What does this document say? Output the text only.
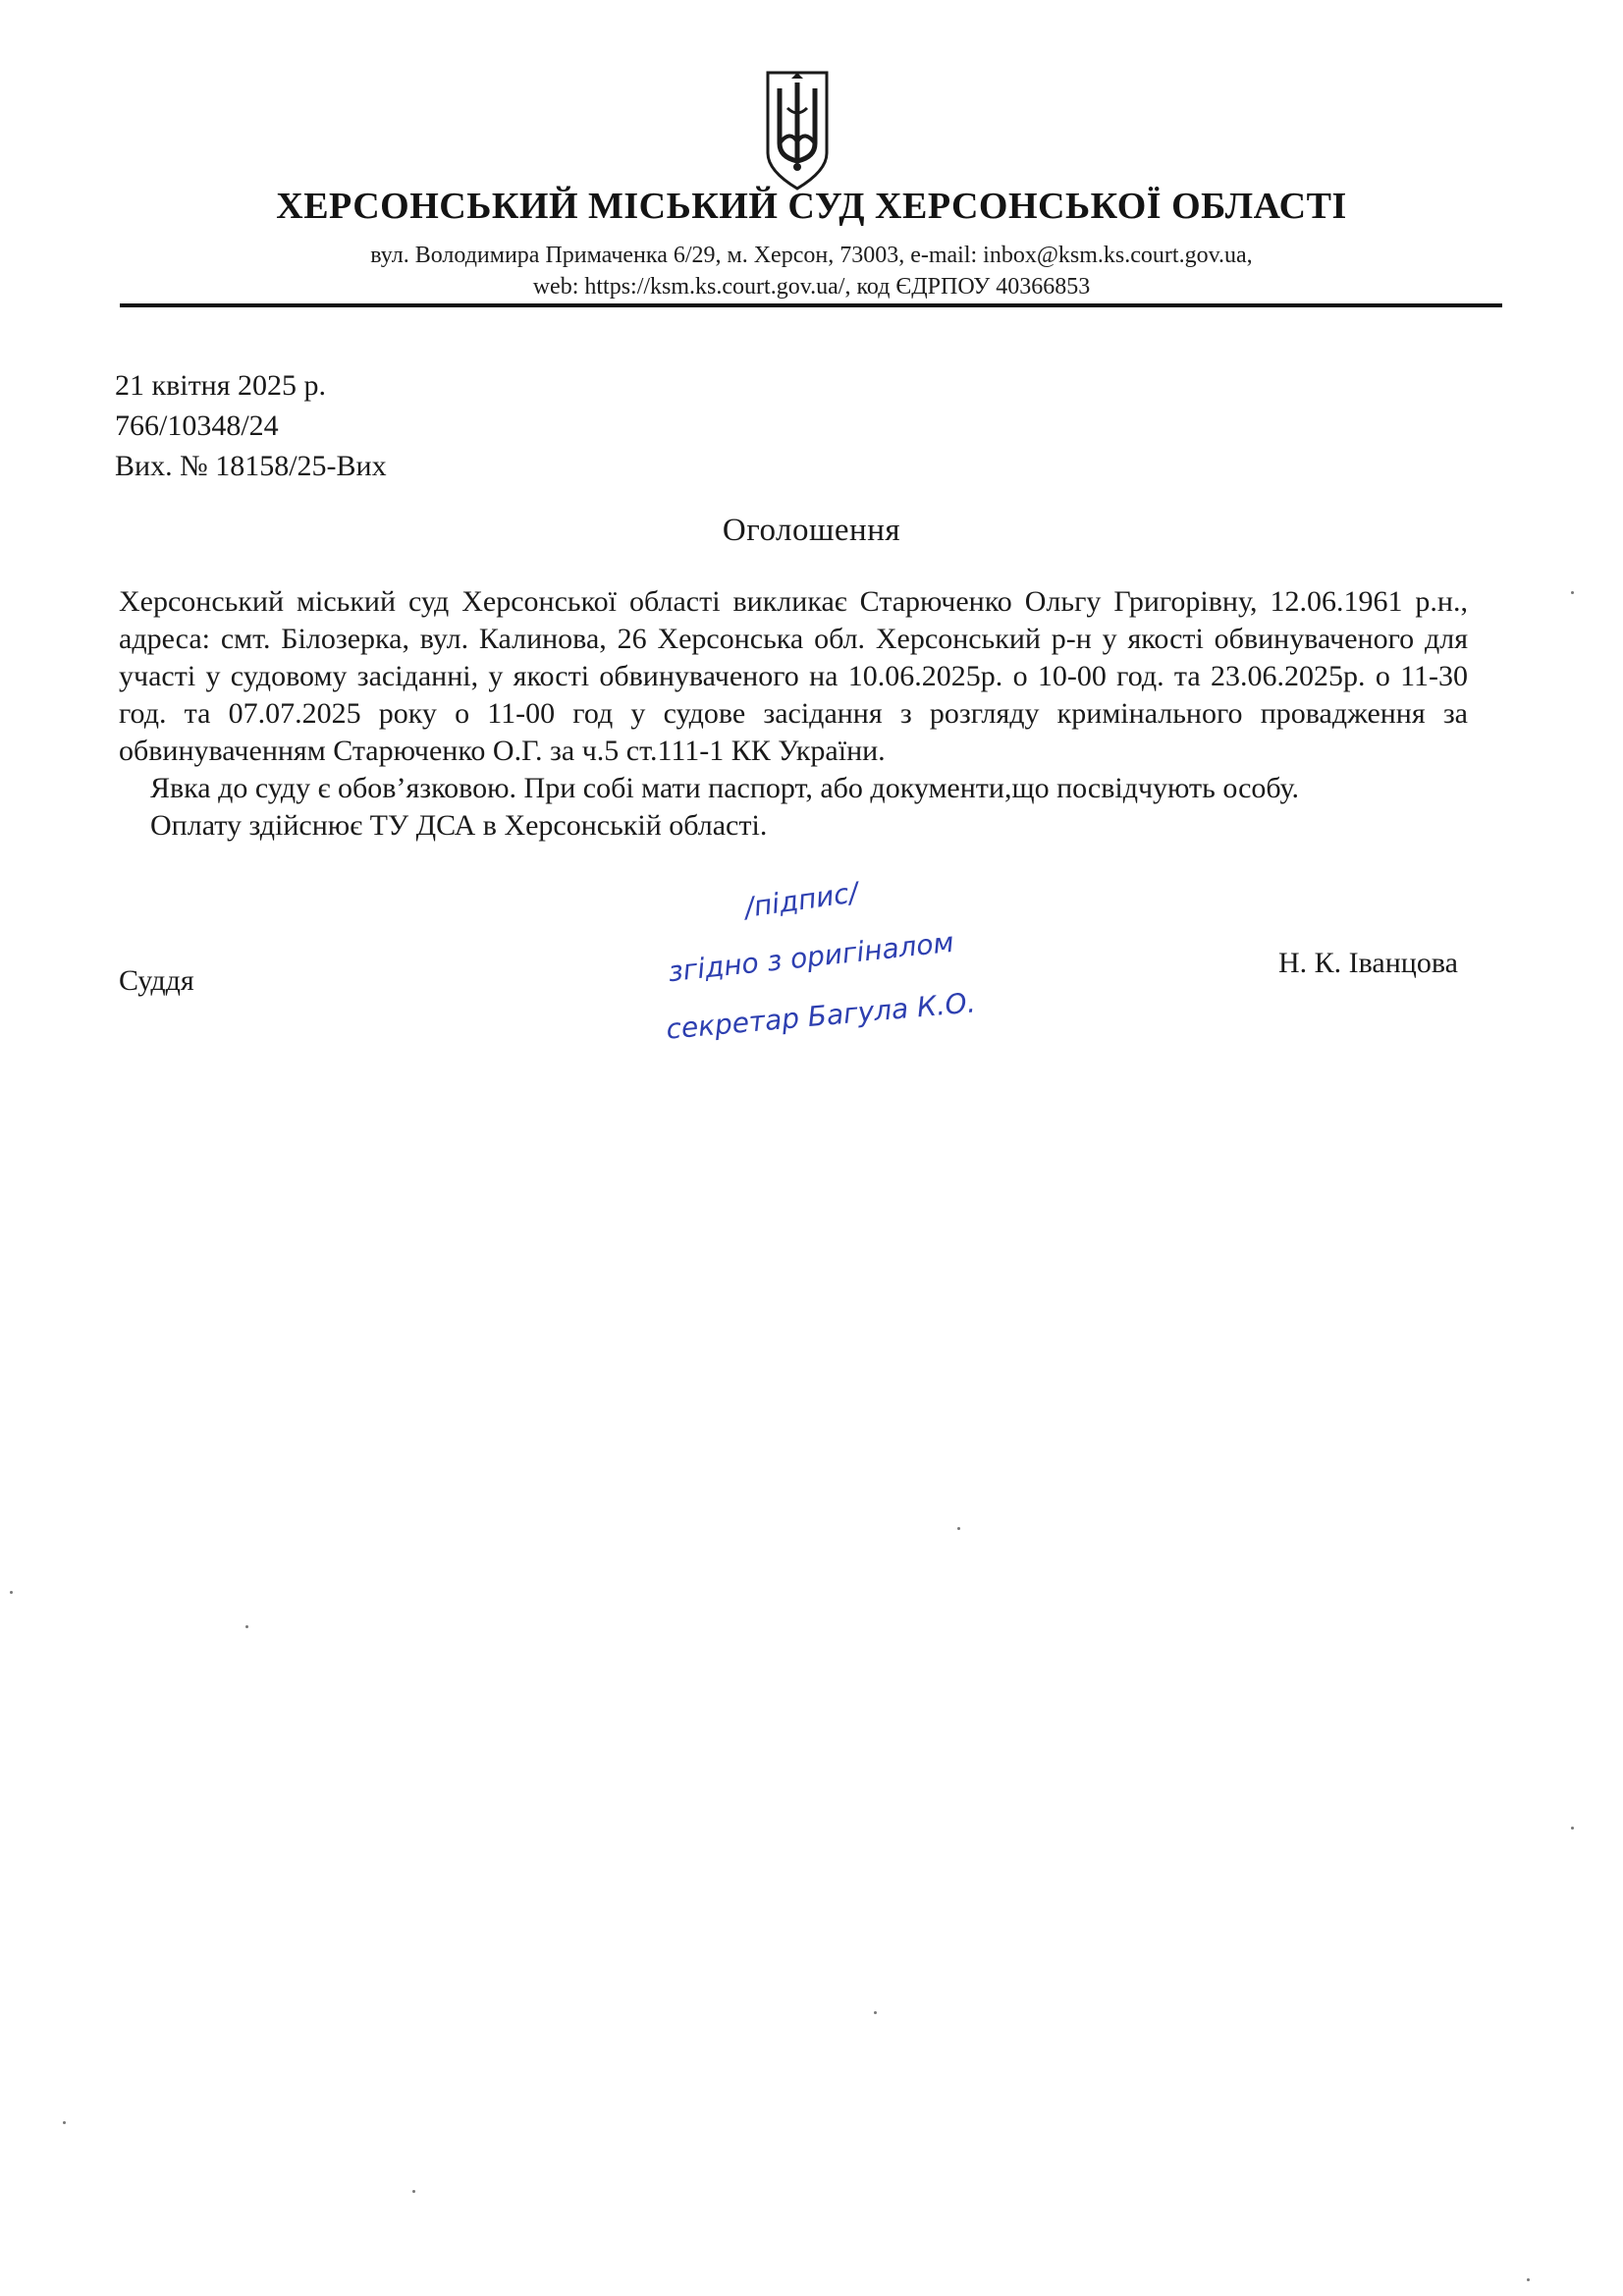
ХЕРСОНСЬКИЙ МІСЬКИЙ СУД ХЕРСОНСЬКОЇ ОБЛАСТІ
вул. Володимира Примаченка 6/29, м. Херсон, 73003, e-mail: inbox@ksm.ks.court.gov.ua,
web: https://ksm.ks.court.gov.ua/, код ЄДРПОУ 40366853
21 квітня 2025 р.
766/10348/24
Вих. № 18158/25-Вих
Оголошення

Херсонський міський суд Херсонської області викликає Старюченко Ольгу Григорівну, 12.06.1961 р.н., адреса: смт. Білозерка, вул. Калинова, 26 Херсонська обл. Херсонський р-н у якості обвинуваченого для участі у судовому засіданні, у якості обвинуваченого на 10.06.2025р. о 10-00 год. та 23.06.2025р. о 11-30 год. та 07.07.2025 року о 11-00 год у судове засідання з розгляду кримінального провадження за обвинуваченням Старюченко О.Г. за ч.5 ст.111-1 КК України.

Явка до суду є обов’язковою. При собі мати паспорт, або документи,що посвідчують особу.

Оплату здійснює ТУ ДСА в Херсонській області.

Суддя
Н. К. Іванцова
/підпис/
згідно з оригіналом
секретар Багула К.О.
